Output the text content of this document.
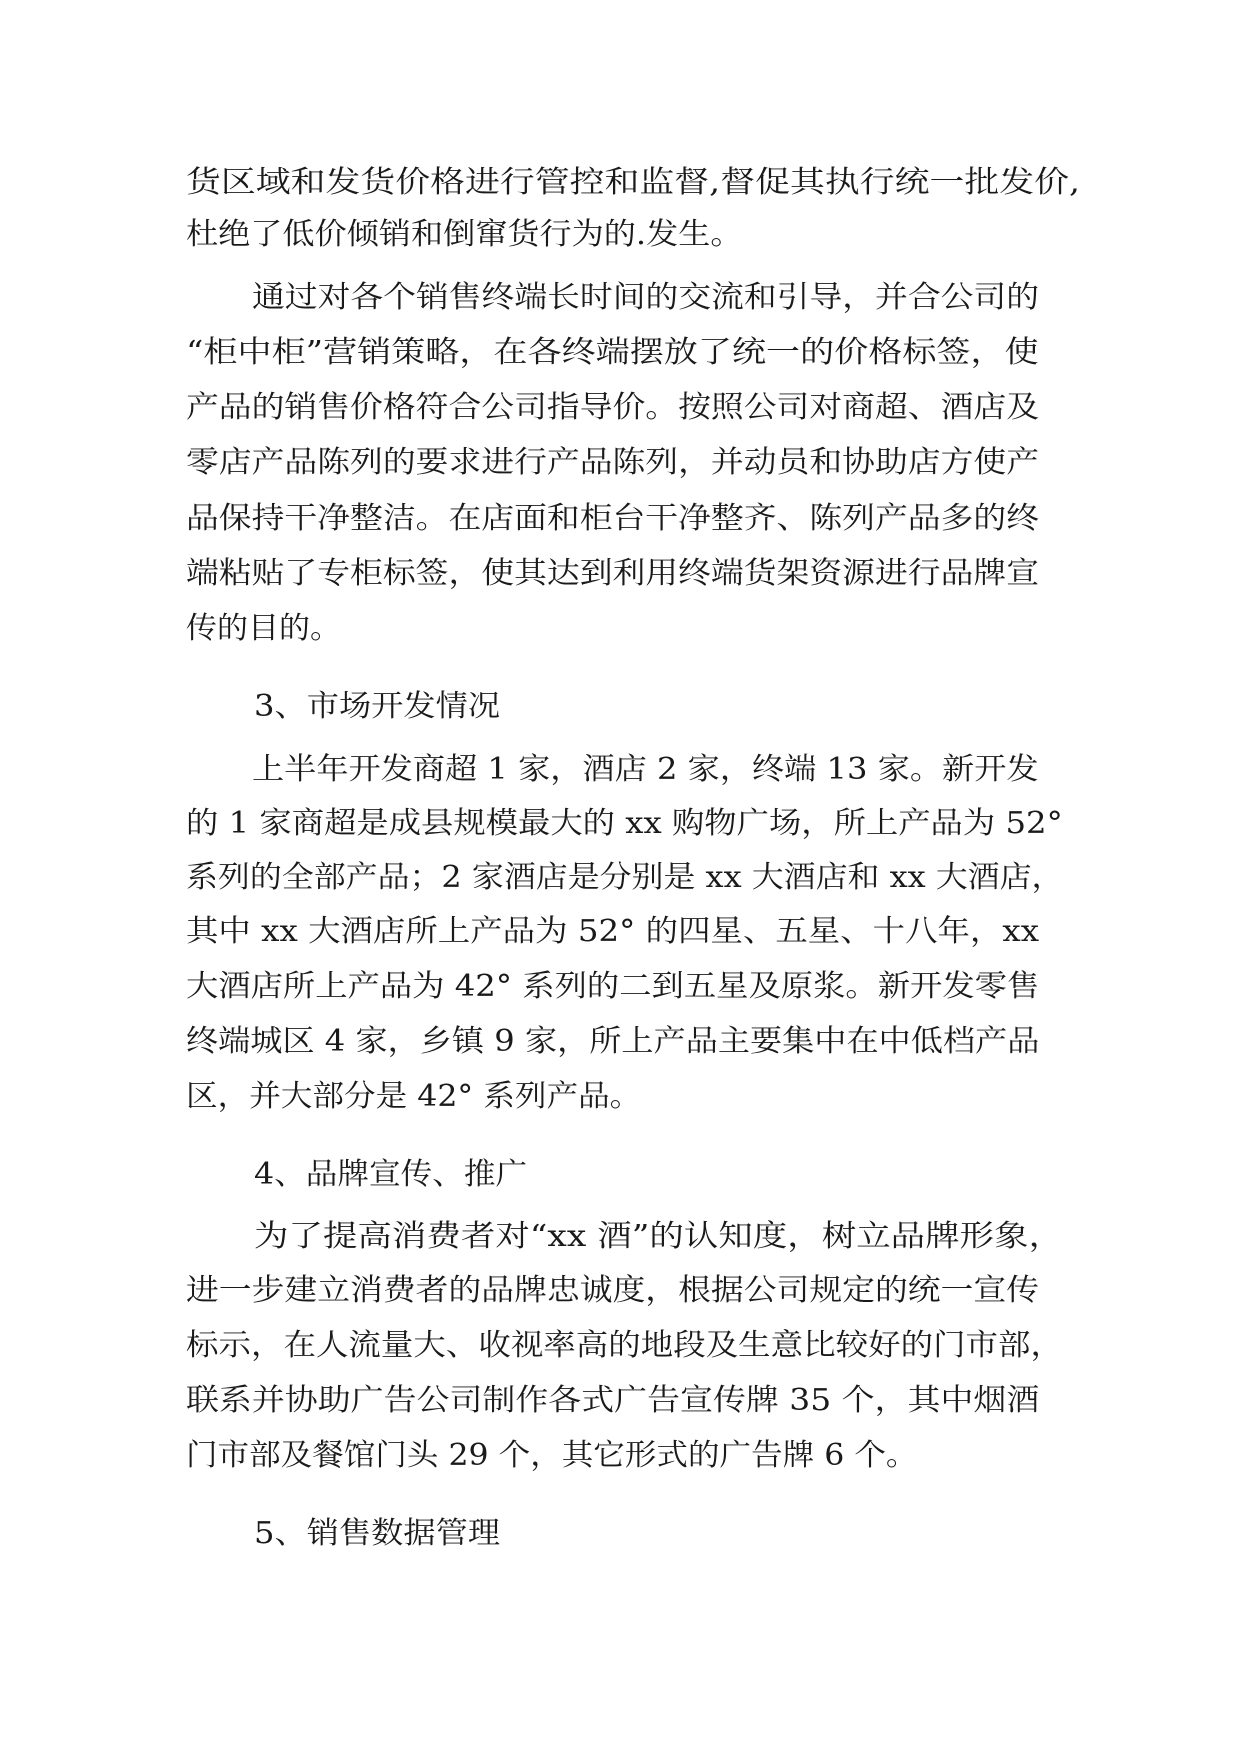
货区域和发货价格进行管控和监督,督促其执行统一批发价,
杜绝了低价倾销和倒窜货行为的.发生。
通过对各个销售终端长时间的交流和引导，并合公司的
“柜中柜”营销策略，在各终端摆放了统一的价格标签，使
产品的销售价格符合公司指导价。按照公司对商超、酒店及
零店产品陈列的要求进行产品陈列，并动员和协助店方使产
品保持干净整洁。在店面和柜台干净整齐、陈列产品多的终
端粘贴了专柜标签，使其达到利用终端货架资源进行品牌宣
传的目的。
3、市场开发情况
上半年开发商超 1 家，酒店 2 家，终端 13 家。新开发
的 1 家商超是成县规模最大的 xx 购物广场，所上产品为 52°
系列的全部产品；2 家酒店是分别是 xx 大酒店和 xx 大酒店，
其中 xx 大酒店所上产品为 52° 的四星、五星、十八年，xx
大酒店所上产品为 42° 系列的二到五星及原浆。新开发零售
终端城区 4 家，乡镇 9 家，所上产品主要集中在中低档产品
区，并大部分是 42° 系列产品。
4、品牌宣传、推广
为了提高消费者对“xx 酒”的认知度，树立品牌形象，
进一步建立消费者的品牌忠诚度，根据公司规定的统一宣传
标示，在人流量大、收视率高的地段及生意比较好的门市部，
联系并协助广告公司制作各式广告宣传牌 35 个，其中烟酒
门市部及餐馆门头 29 个，其它形式的广告牌 6 个。
5、销售数据管理
